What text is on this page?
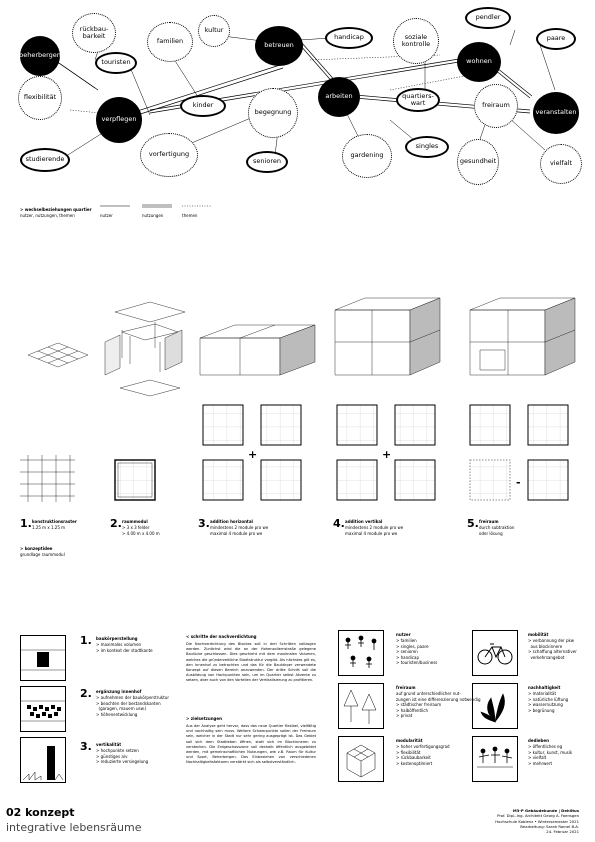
beherbergen
rückbau-
barkeit
familien
kultur
betreuen
handicap	soziale
kontrolle
pendler
paare
touristen	wohnen
flexibilität
kinder
arbeiten	quartiers-
wart
verpflegen
begegnung
freiraum
veranstalten
singles
vorfertigung	gardening
studierende	senioren	gesundheit	vielfalt
> wechselbeziehungen quartier
nutzer, nutzungen, themen	nutzer	nutzungen	themen
+	+
-
1. konstruktionsraster
1.25 m x 1.25 m	2. raummodul
> 3 x 3 felder
> 4.00 m x 4.00 m
3. addition horizontal
mindestens 2 module pro we
maximal 4 module pro we
4. addition vertikal
mindestens 2 module pro we
maximal 4 module pro we
5. freiraum
durch subtraktion
oder lösung
> konzeptidee
grundlage raummodul
1. baukörperstellung
> maximales volumen
> im kontext der stadtkante
2. ergänzung innenhof
> aufnehmen der baukörperstruktur
> beachten der bestandskanten
(garagen, mauern usw.)
> höhenentwicklung
3. vertikalität
> hochpunkte setzen
> günstiges a/v
> reduzierte versiegelung
< schritte der nachverdichtung
Die Nachverdichtung des Blockes soll in drei Schritten vollzogen werden. Zunächst wird die an der Hohenzollernstraße gelegene Baulücke geschlossen. Dies geschieht mit dem maximalen Volumen, welches die gründerzeitliche Stadtstruktur vorgibt. Als nächstes gilt es, den Innenhof zu betrachten und das für die Baukörper verwendete Konzept auf diesen Bereich anzuwenden. Der dritte Schritt soll die Ausbildung von Hochpunkten sein, um im Quartier selbst Akzente zu setzen, aber auch von den Vorteilen der Vertikalisierung zu profitieren.
> zielsetzungen
Aus der Analyse geht hervor, dass das neue Quartier flexibel, vielfältig und nachhaltig sein muss. Weitere Schwerpunkte sollen der Freiraum sein, welcher in der Stadt nur sehr gering ausgeprägt ist. Das Gebiet soll sich dem Stadtleben öffnen, statt sich im Blockinneren zu verstecken. Die Erdgeschosszone soll deshalb öffentlich ausgebildet werden, mit gemeinschaftlichen Nutzungen, wie z.B. Raum für Kultur und Sport, Beherbergen. Das Einbeziehen von verschiedenen Nachhaltigkeitsfaktoren verstärkt sich als selbstverständlich.
nutzer
> familien
> singles, paare
> senioren
> handicap
> touristen/business
mobilität
> verbannung der pkw
aus blockinnere
> schaffung alternativer
verkehrsangebot
freiraum
auf grund unterschiedlicher nut-
zungen ist eine differenzierung notwendig
> städtischer freiraum
> halböffentlich
> privat
nachhaltigkeit
> materialität
> natürliche lüftung
> wassernutzung
> begrünung
modularität
> hoher vorfertigungsgrad
> flexibilität
> rückbaubarkeit
> kostenoptimiert
dedieben
> öffentliches eg
> kultur, kunst, musik
> vielfalt
> mehrwert
02 konzept
integrative lebensräume
M3-P Gebäudekunde | Dehlitus
Prof. Dipl.-Ing. Architekt Georg A. Faensgen
Hochschule Koblenz • Wintersemester 2021
Bearbeitung: Sarah Romel B.A.
24. Februar 2021
